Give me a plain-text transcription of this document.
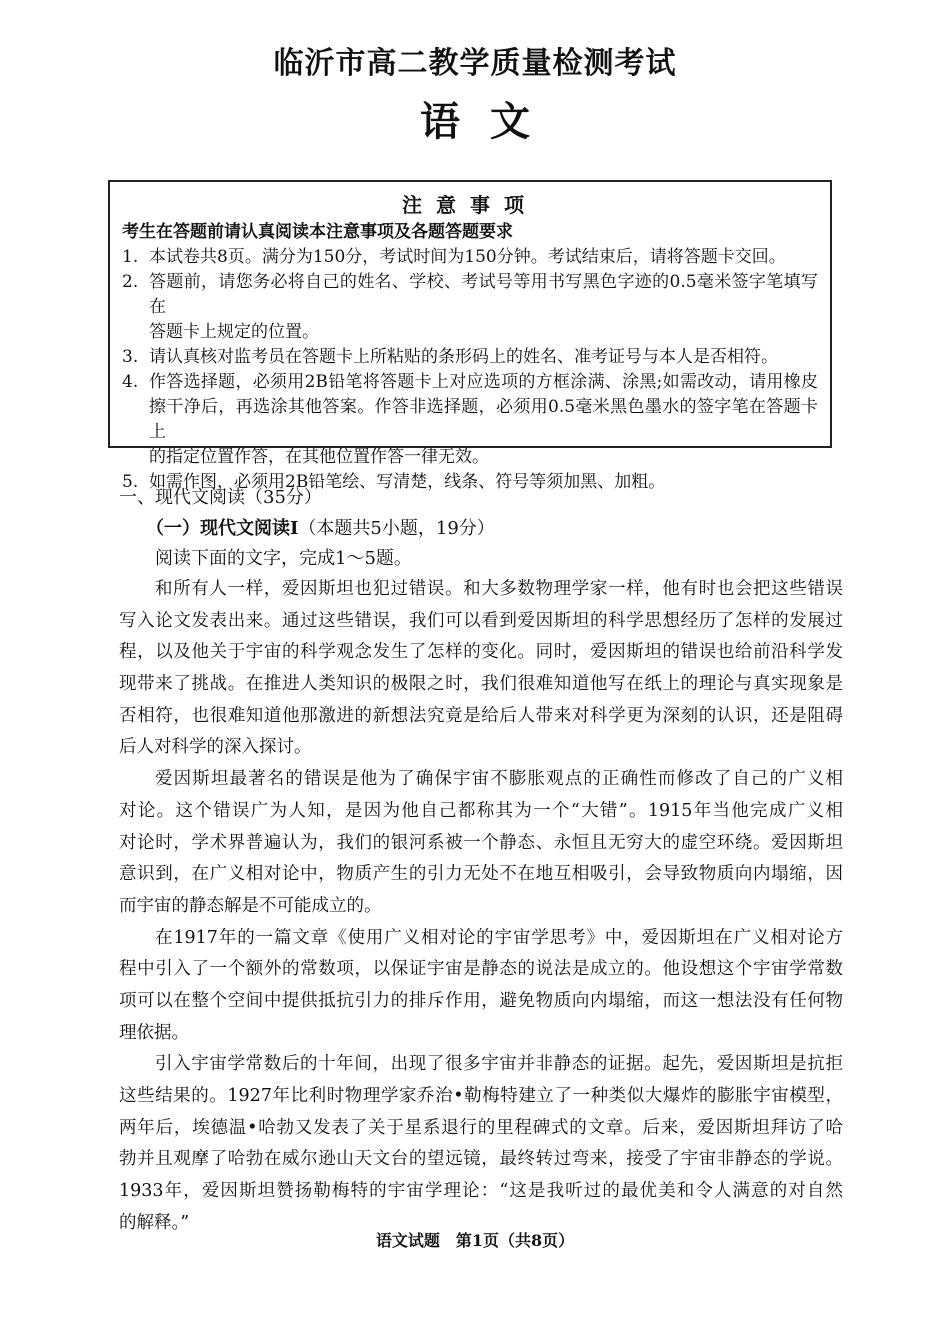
临沂市高二教学质量检测考试
语文
注意事项
考生在答题前请认真阅读本注意事项及各题答题要求
1. 本试卷共8页。满分为150分，考试时间为150分钟。考试结束后，请将答题卡交回。
2. 答题前，请您务必将自己的姓名、学校、考试号等用书写黑色字迹的0.5毫米签字笔填写在
答题卡上规定的位置。
3. 请认真核对监考员在答题卡上所粘贴的条形码上的姓名、准考证号与本人是否相符。
4. 作答选择题，必须用2B铅笔将答题卡上对应选项的方框涂满、涂黑;如需改动，请用橡皮
擦干净后，再选涂其他答案。作答非选择题，必须用0.5毫米黑色墨水的签字笔在答题卡上
的指定位置作答，在其他位置作答一律无效。
5. 如需作图，必须用2B铅笔绘、写清楚，线条、符号等须加黑、加粗。
一、现代文阅读（35分）
（一）现代文阅读Ⅰ（本题共5小题，19分）
阅读下面的文字，完成1～5题。
和所有人一样，爱因斯坦也犯过错误。和大多数物理学家一样，他有时也会把这些错误
写入论文发表出来。通过这些错误，我们可以看到爱因斯坦的科学思想经历了怎样的发展过
程，以及他关于宇宙的科学观念发生了怎样的变化。同时，爱因斯坦的错误也给前沿科学发
现带来了挑战。在推进人类知识的极限之时，我们很难知道他写在纸上的理论与真实现象是
否相符，也很难知道他那激进的新想法究竟是给后人带来对科学更为深刻的认识，还是阻碍
后人对科学的深入探讨。
爱因斯坦最著名的错误是他为了确保宇宙不膨胀观点的正确性而修改了自己的广义相
对论。这个错误广为人知，是因为他自己都称其为一个“大错”。1915年当他完成广义相
对论时，学术界普遍认为，我们的银河系被一个静态、永恒且无穷大的虚空环绕。爱因斯坦
意识到，在广义相对论中，物质产生的引力无处不在地互相吸引，会导致物质向内塌缩，因
而宇宙的静态解是不可能成立的。
在1917年的一篇文章《使用广义相对论的宇宙学思考》中，爱因斯坦在广义相对论方
程中引入了一个额外的常数项，以保证宇宙是静态的说法是成立的。他设想这个宇宙学常数
项可以在整个空间中提供抵抗引力的排斥作用，避免物质向内塌缩，而这一想法没有任何物
理依据。
引入宇宙学常数后的十年间，出现了很多宇宙并非静态的证据。起先，爱因斯坦是抗拒
这些结果的。1927年比利时物理学家乔治•勒梅特建立了一种类似大爆炸的膨胀宇宙模型，
两年后，埃德温•哈勃又发表了关于星系退行的里程碑式的文章。后来，爱因斯坦拜访了哈
勃并且观摩了哈勃在威尔逊山天文台的望远镜，最终转过弯来，接受了宇宙非静态的学说。
1933年，爱因斯坦赞扬勒梅特的宇宙学理论：“这是我听过的最优美和令人满意的对自然
的解释。”
语文试题　第1页（共8页）
